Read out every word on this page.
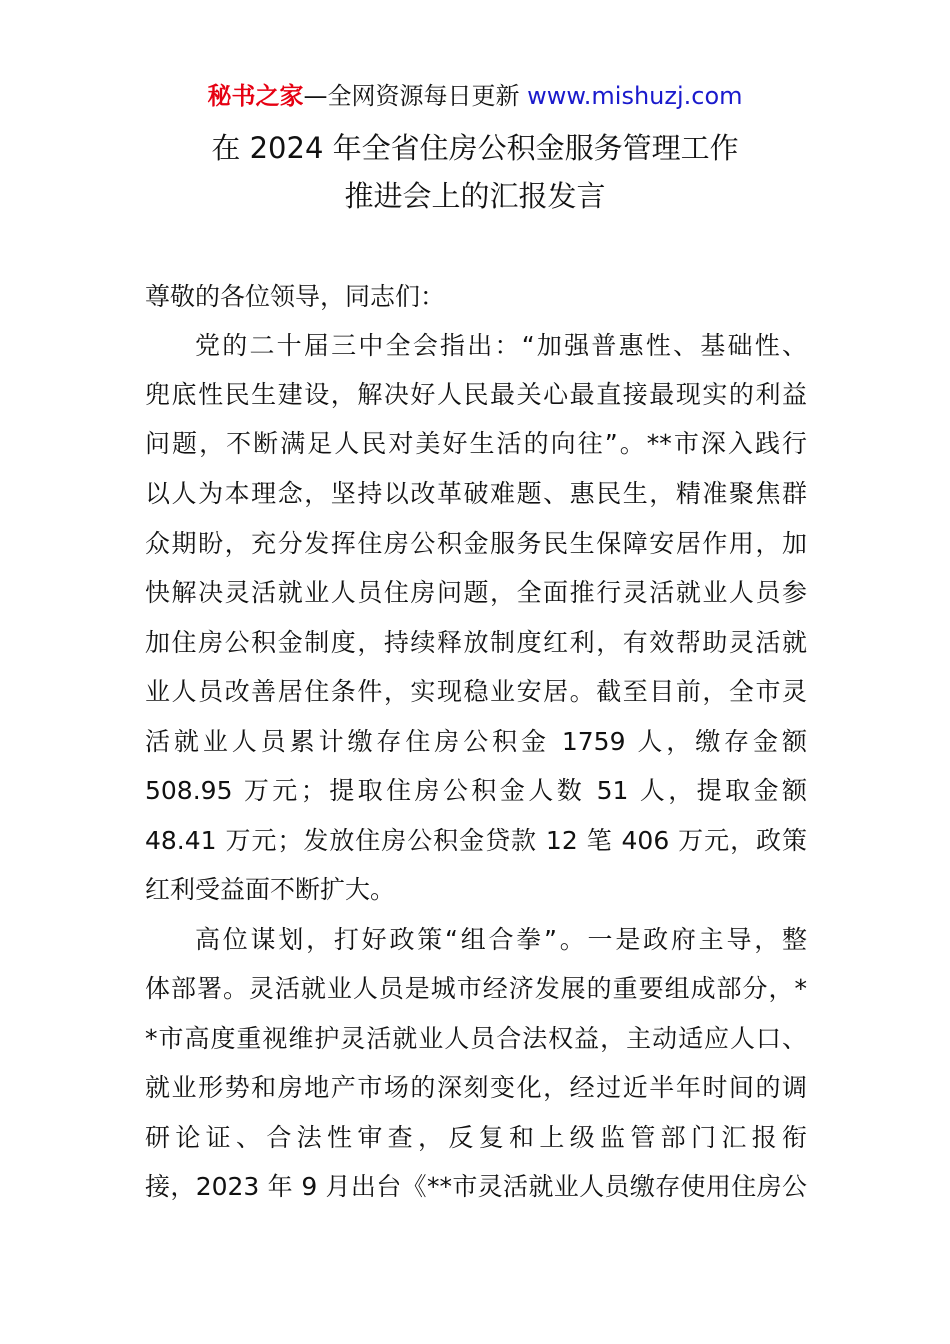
秘书之家—全网资源每日更新 www.mishuzj.com
在 2024 年全省住房公积金服务管理工作
推进会上的汇报发言
尊敬的各位领导，同志们：
党的二十届三中全会指出：“加强普惠性、基础性、
兜底性民生建设，解决好人民最关心最直接最现实的利益
问题，不断满足人民对美好生活的向往”。**市深入践行
以人为本理念，坚持以改革破难题、惠民生，精准聚焦群
众期盼，充分发挥住房公积金服务民生保障安居作用，加
快解决灵活就业人员住房问题，全面推行灵活就业人员参
加住房公积金制度，持续释放制度红利，有效帮助灵活就
业人员改善居住条件，实现稳业安居。截至目前，全市灵
活就业人员累计缴存住房公积金 1759 人，缴存金额
508.95 万元；提取住房公积金人数 51 人，提取金额
48.41 万元；发放住房公积金贷款 12 笔 406 万元，政策
红利受益面不断扩大。
高位谋划，打好政策“组合拳”。一是政府主导，整
体部署。灵活就业人员是城市经济发展的重要组成部分，*
*市高度重视维护灵活就业人员合法权益，主动适应人口、
就业形势和房地产市场的深刻变化，经过近半年时间的调
研论证、合法性审查，反复和上级监管部门汇报衔
接，2023 年 9 月出台《**市灵活就业人员缴存使用住房公
